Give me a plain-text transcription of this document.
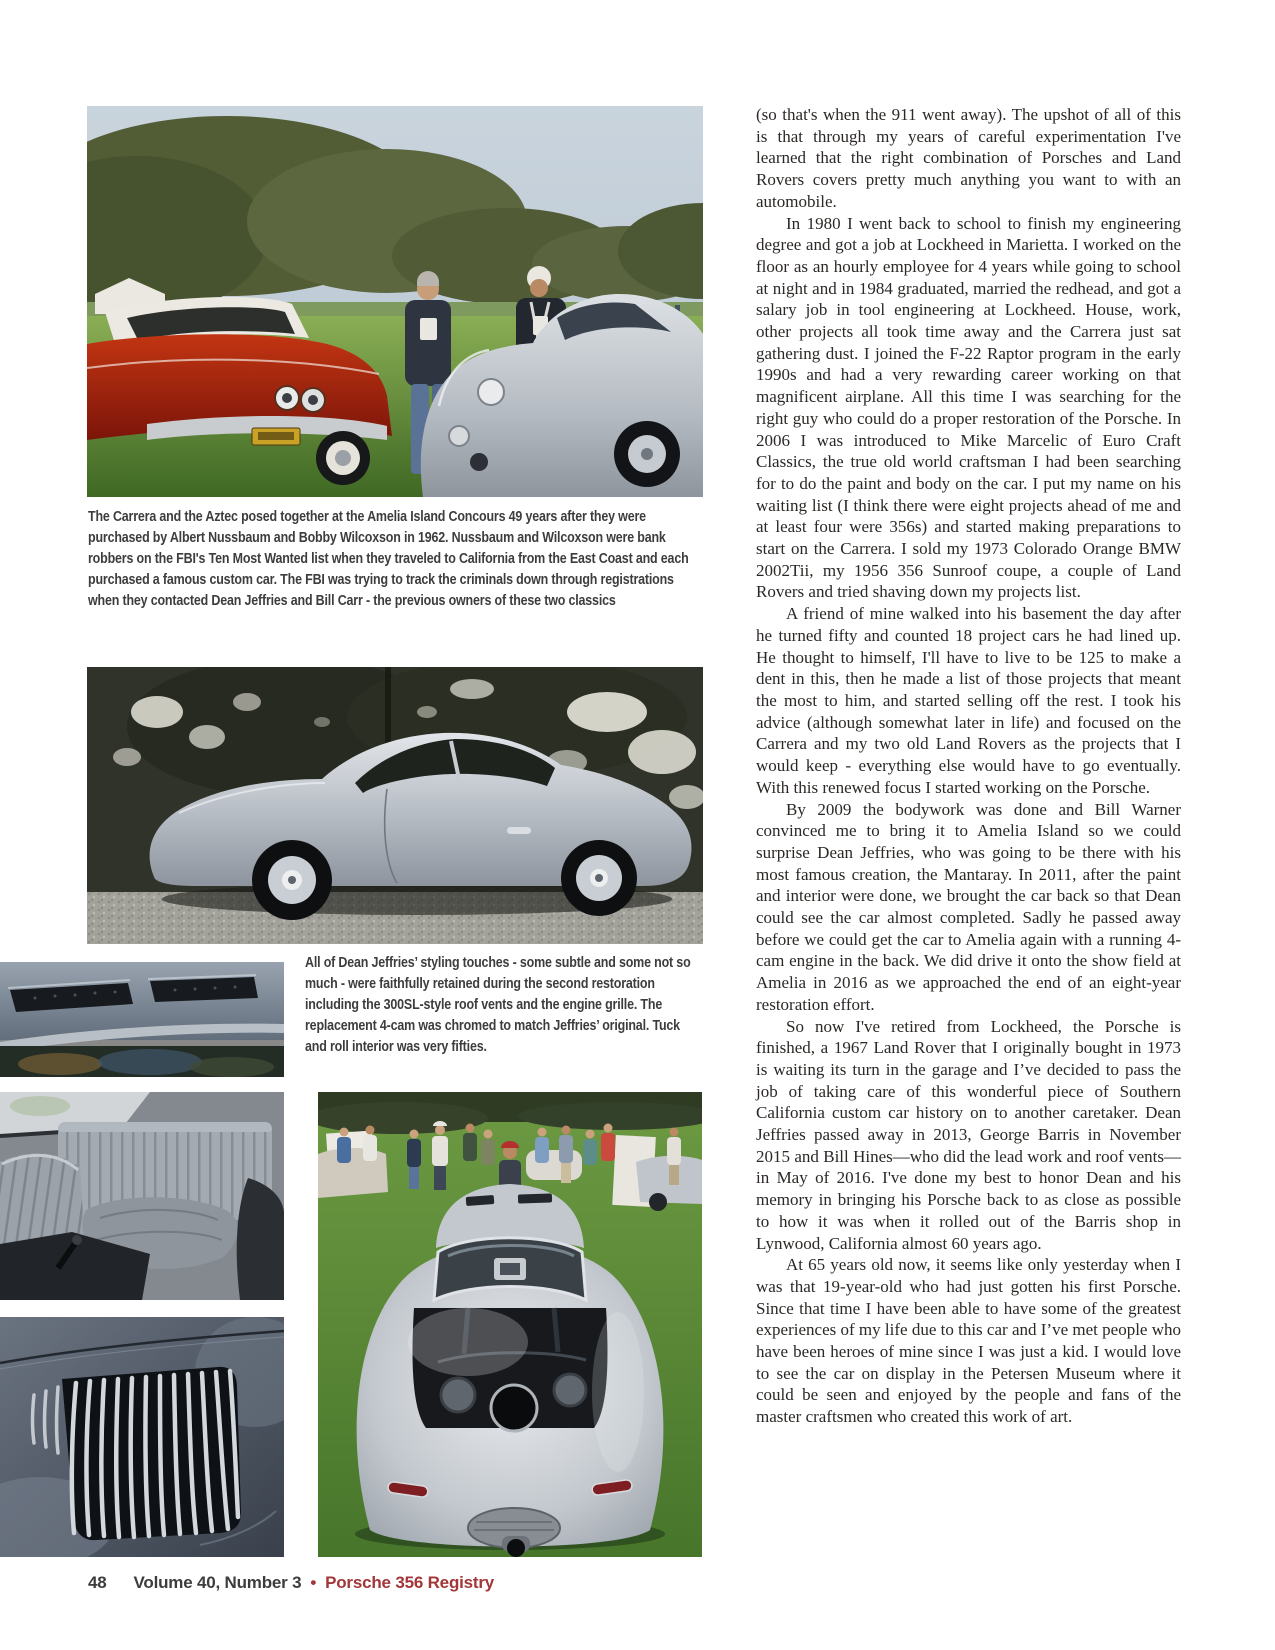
The Carrera and the Aztec posed together at the Amelia Island Concours 49 years after they were purchased by Albert Nussbaum and Bobby Wilcoxson in 1962. Nussbaum and Wilcoxson were bank robbers on the FBI's Ten Most Wanted list when they traveled to California from the East Coast and each purchased a famous custom car. The FBI was trying to track the criminals down through registrations when they contacted Dean Jeffries and Bill Carr - the previous owners of these two classics
All of Dean Jeffries’ styling touches - some subtle and some not so much - were faithfully retained during the second restoration including the 300SL-style roof vents and the engine grille. The replacement 4-cam was chromed to match Jeffries’ original. Tuck and roll interior was very fifties.

(so that's when the 911 went away). The upshot of all of this is that through my years of careful experimentation I've learned that the right combination of Porsches and Land Rovers covers pretty much anything you want to with an automobile.

In 1980 I went back to school to finish my engineering degree and got a job at Lockheed in Marietta. I worked on the floor as an hourly employee for 4 years while going to school at night and in 1984 graduated, married the redhead, and got a salary job in tool engineering at Lockheed. House, work, other projects all took time away and the Carrera just sat gathering dust. I joined the F-22 Raptor program in the early 1990s and had a very rewarding career working on that magnificent airplane. All this time I was searching for the right guy who could do a proper restoration of the Porsche. In 2006 I was introduced to Mike Marcelic of Euro Craft Classics, the true old world craftsman I had been searching for to do the paint and body on the car. I put my name on his waiting list (I think there were eight projects ahead of me and at least four were 356s) and started making preparations to start on the Carrera. I sold my 1973 Colorado Orange BMW 2002Tii, my 1956 356 Sunroof coupe, a couple of Land Rovers and tried shaving down my projects list.

A friend of mine walked into his basement the day after he turned fifty and counted 18 project cars he had lined up. He thought to himself, I'll have to live to be 125 to make a dent in this, then he made a list of those projects that meant the most to him, and started selling off the rest. I took his advice (although somewhat later in life) and focused on the Carrera and my two old Land Rovers as the projects that I would keep - everything else would have to go eventually. With this renewed focus I started working on the Porsche.

By 2009 the bodywork was done and Bill Warner convinced me to bring it to Amelia Island so we could surprise Dean Jeffries, who was going to be there with his most famous creation, the Mantaray. In 2011, after the paint and interior were done, we brought the car back so that Dean could see the car almost completed. Sadly he passed away before we could get the car to Amelia again with a running 4-cam engine in the back. We did drive it onto the show field at Amelia in 2016 as we approached the end of an eight-year restoration effort.

So now I've retired from Lockheed, the Porsche is finished, a 1967 Land Rover that I originally bought in 1973 is waiting its turn in the garage and I’ve decided to pass the job of taking care of this wonderful piece of Southern California custom car history on to another caretaker. Dean Jeffries passed away in 2013, George Barris in November 2015 and Bill Hines—who did the lead work and roof vents— in May of 2016. I've done my best to honor Dean and his memory in bringing his Porsche back to as close as possible to how it was when it rolled out of the Barris shop in Lynwood, California almost 60 years ago.

At 65 years old now, it seems like only yesterday when I was that 19-year-old who had just gotten his first Porsche. Since that time I have been able to have some of the greatest experiences of my life due to this car and I’ve met people who have been heroes of mine since I was just a kid. I would love to see the car on display in the Petersen Museum where it could be seen and enjoyed by the people and fans of the master craftsmen who created this work of art.

48 Volume 40, Number 3 • Porsche 356 Registry
